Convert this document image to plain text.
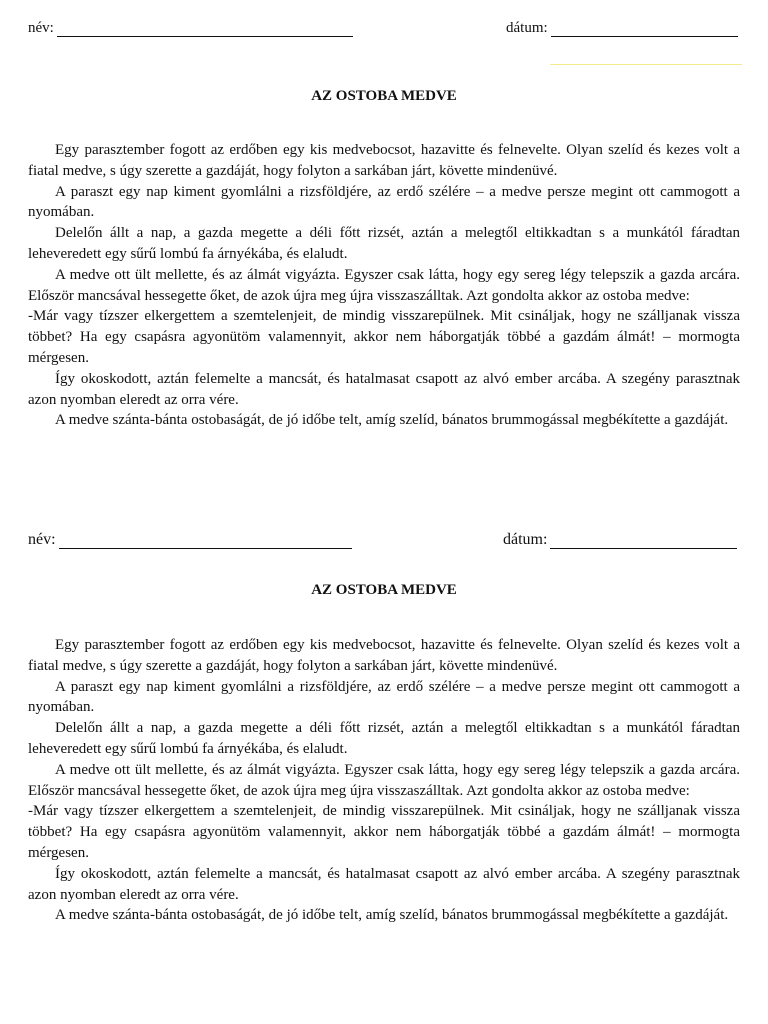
név:	dátum:
AZ OSTOBA MEDVE

Egy parasztember fogott az erdőben egy kis medvebocsot, hazavitte és felnevelte. Olyan szelíd és kezes volt a fiatal medve, s úgy szerette a gazdáját, hogy folyton a sarkában járt, követte mindenüvé.

A paraszt egy nap kiment gyomlálni a rizsföldjére, az erdő szélére – a medve persze megint ott cammogott a nyomában.

Delelőn állt a nap, a gazda megette a déli főtt rizsét, aztán a melegtől eltikkadtan s a munkától fáradtan leheveredett egy sűrű lombú fa árnyékába, és elaludt.

A medve ott ült mellette, és az álmát vigyázta. Egyszer csak látta, hogy egy sereg légy telepszik a gazda arcára. Először mancsával hessegette őket, de azok újra meg újra visszaszálltak. Azt gondolta akkor az ostoba medve:

-Már vagy tízszer elkergettem a szemtelenjeit, de mindig visszarepülnek. Mit csináljak, hogy ne szálljanak vissza többet? Ha egy csapásra agyonütöm valamennyit, akkor nem háborgatják többé a gazdám álmát! – mormogta mérgesen.

Így okoskodott, aztán felemelte a mancsát, és hatalmasat csapott az alvó ember arcába. A szegény parasztnak azon nyomban eleredt az orra vére.

A medve szánta-bánta ostobaságát, de jó időbe telt, amíg szelíd, bánatos brummogással megbékítette a gazdáját.

név:	dátum:
AZ OSTOBA MEDVE

Egy parasztember fogott az erdőben egy kis medvebocsot, hazavitte és felnevelte. Olyan szelíd és kezes volt a fiatal medve, s úgy szerette a gazdáját, hogy folyton a sarkában járt, követte mindenüvé.

A paraszt egy nap kiment gyomlálni a rizsföldjére, az erdő szélére – a medve persze megint ott cammogott a nyomában.

Delelőn állt a nap, a gazda megette a déli főtt rizsét, aztán a melegtől eltikkadtan s a munkától fáradtan leheveredett egy sűrű lombú fa árnyékába, és elaludt.

A medve ott ült mellette, és az álmát vigyázta. Egyszer csak látta, hogy egy sereg légy telepszik a gazda arcára. Először mancsával hessegette őket, de azok újra meg újra visszaszálltak. Azt gondolta akkor az ostoba medve:

-Már vagy tízszer elkergettem a szemtelenjeit, de mindig visszarepülnek. Mit csináljak, hogy ne szálljanak vissza többet? Ha egy csapásra agyonütöm valamennyit, akkor nem háborgatják többé a gazdám álmát! – mormogta mérgesen.

Így okoskodott, aztán felemelte a mancsát, és hatalmasat csapott az alvó ember arcába. A szegény parasztnak azon nyomban eleredt az orra vére.

A medve szánta-bánta ostobaságát, de jó időbe telt, amíg szelíd, bánatos brummogással megbékítette a gazdáját.
